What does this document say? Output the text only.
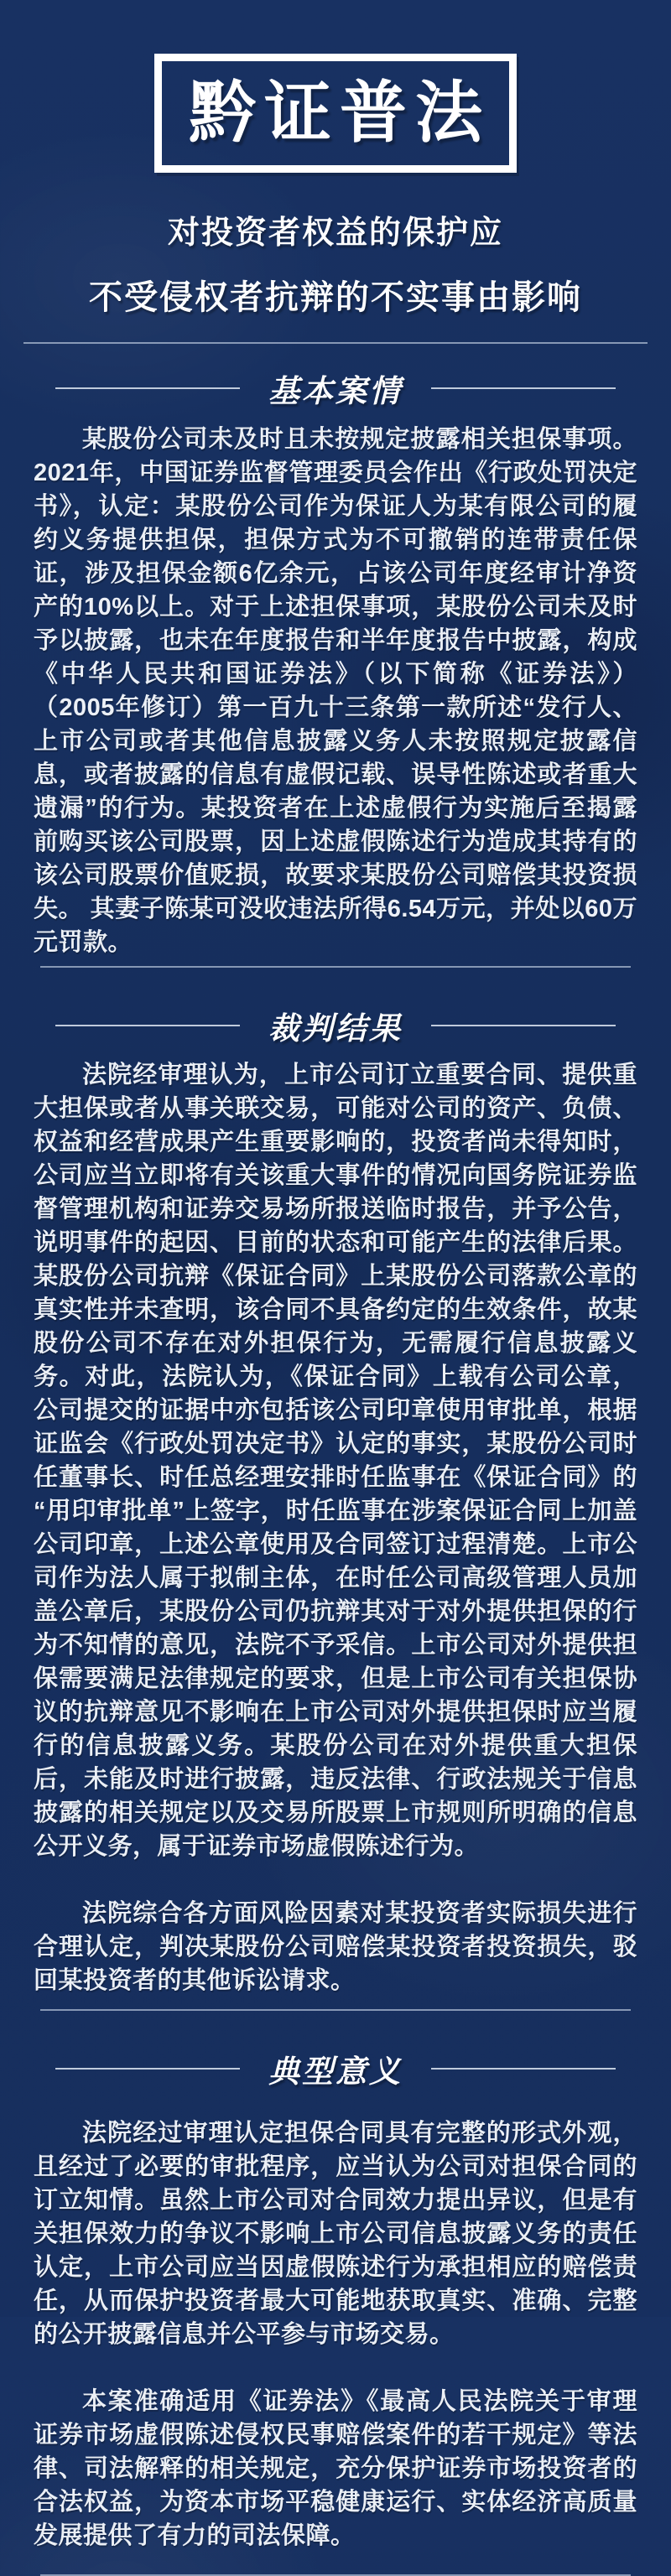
黔证普法
对投资者权益的保护应
不受侵权者抗辩的不实事由影响
基本案情

某股份公司未及时且未按规定披露相关担保事项。2021年，中国证券监督管理委员会作出《行政处罚决定书》，认定：某股份公司作为保证人为某有限公司的履约义务提供担保，担保方式为不可撤销的连带责任保证，涉及担保金额6亿余元，占该公司年度经审计净资产的10%以上。对于上述担保事项，某股份公司未及时予以披露，也未在年度报告和半年度报告中披露，构成《中华人民共和国证券法》（以下简称《证券法》）（2005年修订）第一百九十三条第一款所述“发行人、上市公司或者其他信息披露义务人未按照规定披露信息，或者披露的信息有虚假记载、误导性陈述或者重大遗漏”的行为。某投资者在上述虚假行为实施后至揭露前购买该公司股票，因上述虚假陈述行为造成其持有的该公司股票价值贬损，故要求某股份公司赔偿其投资损失。 其妻子陈某可没收违法所得6.54万元，并处以60万元罚款。

裁判结果

法院经审理认为，上市公司订立重要合同、提供重大担保或者从事关联交易，可能对公司的资产、负债、权益和经营成果产生重要影响的，投资者尚未得知时，公司应当立即将有关该重大事件的情况向国务院证券监督管理机构和证券交易场所报送临时报告，并予公告，说明事件的起因、目前的状态和可能产生的法律后果。某股份公司抗辩《保证合同》上某股份公司落款公章的真实性并未查明，该合同不具备约定的生效条件，故某股份公司不存在对外担保行为，无需履行信息披露义务。对此，法院认为，《保证合同》上载有公司公章，公司提交的证据中亦包括该公司印章使用审批单，根据证监会《行政处罚决定书》认定的事实，某股份公司时任董事长、时任总经理安排时任监事在《保证合同》的“用印审批单”上签字，时任监事在涉案保证合同上加盖公司印章，上述公章使用及合同签订过程清楚。上市公司作为法人属于拟制主体，在时任公司高级管理人员加盖公章后，某股份公司仍抗辩其对于对外提供担保的行为不知情的意见，法院不予采信。上市公司对外提供担保需要满足法律规定的要求，但是上市公司有关担保协议的抗辩意见不影响在上市公司对外提供担保时应当履行的信息披露义务。某股份公司在对外提供重大担保后，未能及时进行披露，违反法律、行政法规关于信息披露的相关规定以及交易所股票上市规则所明确的信息公开义务，属于证券市场虚假陈述行为。

法院综合各方面风险因素对某投资者实际损失进行合理认定，判决某股份公司赔偿某投资者投资损失，驳回某投资者的其他诉讼请求。

典型意义

法院经过审理认定担保合同具有完整的形式外观，且经过了必要的审批程序，应当认为公司对担保合同的订立知情。虽然上市公司对合同效力提出异议，但是有关担保效力的争议不影响上市公司信息披露义务的责任认定，上市公司应当因虚假陈述行为承担相应的赔偿责任，从而保护投资者最大可能地获取真实、准确、完整的公开披露信息并公平参与市场交易。

本案准确适用《证券法》《最高人民法院关于审理证券市场虚假陈述侵权民事赔偿案件的若干规定》等法律、司法解释的相关规定，充分保护证券市场投资者的合法权益，为资本市场平稳健康运行、实体经济高质量发展提供了有力的司法保障。
